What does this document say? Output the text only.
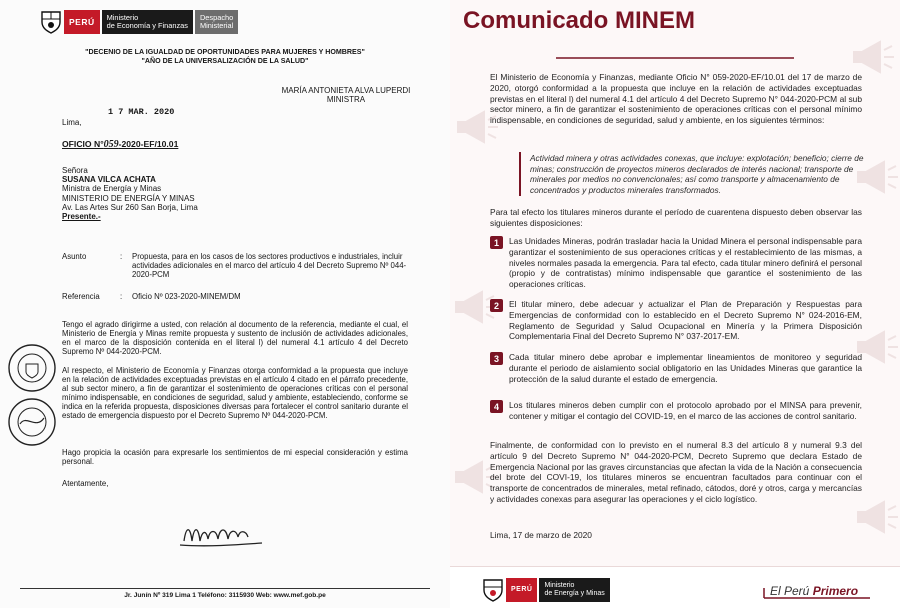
PERÚ	Ministerio
de Economía y Finanzas
Despacho
Ministerial
"DECENIO DE LA IGUALDAD DE OPORTUNIDADES PARA MUJERES Y HOMBRES"
"AÑO DE LA UNIVERSALIZACIÓN DE LA SALUD"
MARÍA ANTONIETA ALVA LUPERDI
MINISTRA
1 7 MAR. 2020
Lima,
OFICIO N°059-2020-EF/10.01
Señora
SUSANA VILCA ACHATA
Ministra de Energía y Minas
MINISTERIO DE ENERGÍA Y MINAS
Av. Las Artes Sur 260 San Borja, Lima
Presente.-
Asunto	:	Propuesta, para en los casos de los sectores productivos e industriales, incluir actividades adicionales en el marco del artículo 4 del Decreto Supremo Nº 044-2020-PCM
Referencia	:	Oficio Nº 023-2020-MINEM/DM
Tengo el agrado dirigirme a usted, con relación al documento de la referencia, mediante el cual, el Ministerio de Energía y Minas remite propuesta y sustento de inclusión de actividades adicionales, en el marco de la disposición contenida en el literal l) del numeral 4.1 artículo 4 del Decreto Supremo Nº 044-2020-PCM.
Al respecto, el Ministerio de Economía y Finanzas otorga conformidad a la propuesta que incluye en la relación de actividades exceptuadas previstas en el artículo 4 citado en el párrafo precedente, al sub sector minero, a fin de garantizar el sostenimiento de operaciones críticas con el personal mínimo indispensable, en condiciones de seguridad, salud y ambiente, estableciendo, conforme se indica en la referida propuesta, disposiciones diversas para fortalecer el control sanitario durante el estado de emergencia dispuesto por el Decreto Supremo Nº 044-2020-PCM.
Hago propicia la ocasión para expresarle los sentimientos de mi especial consideración y estima personal.
Atentamente,
Jr. Junín Nº 319 Lima 1 Teléfono: 3115930 Web: www.mef.gob.pe
Comunicado MINEM
El Ministerio de Economía y Finanzas, mediante Oficio N° 059-2020-EF/10.01 del 17 de marzo de 2020, otorgó conformidad a la propuesta que incluye en la relación de actividades exceptuadas previstas en el literal l) del numeral 4.1 del artículo 4 del Decreto Supremo N° 044-2020-PCM al sub sector minero, a fin de garantizar el sostenimiento de operaciones críticas con el personal mínimo indispensable, en condiciones de seguridad, salud y ambiente, en los siguientes términos:
Actividad minera y otras actividades conexas, que incluye: explotación; beneficio; cierre de minas; construcción de proyectos mineros declarados de interés nacional; transporte de minerales por medios no convencionales; así como transporte y almacenamiento de concentrados y productos minerales transformados.
Para tal efecto los titulares mineros durante el período de cuarentena dispuesto deben observar las siguientes disposiciones:
1 Las Unidades Mineras, podrán trasladar hacia la Unidad Minera el personal indispensable para garantizar el sostenimiento de sus operaciones críticas y el restablecimiento de las mismas, a niveles normales pasada la emergencia. Para tal efecto, cada titular minero definirá el personal (propio y de contratistas) mínimo indispensable que garantice el sostenimiento de las operaciones críticas.
2 El titular minero, debe adecuar y actualizar el Plan de Preparación y Respuestas para Emergencias de conformidad con lo establecido en el Decreto Supremo N° 024-2016-EM, Reglamento de Seguridad y Salud Ocupacional en Minería y la Primera Disposición Complementaria Final del Decreto Supremo N° 037-2017-EM.
3 Cada titular minero debe aprobar e implementar lineamientos de monitoreo y seguridad durante el periodo de aislamiento social obligatorio en las Unidades Mineras que garantice la protección de la salud durante el estado de emergencia.
4 Los titulares mineros deben cumplir con el protocolo aprobado por el MINSA para prevenir, contener y mitigar el contagio del COVID-19, en el marco de las acciones de control sanitario.
Finalmente, de conformidad con lo previsto en el numeral 8.3 del artículo 8 y numeral 9.3 del artículo 9 del Decreto Supremo N° 044-2020-PCM, Decreto Supremo que declara Estado de Emergencia Nacional por las graves circunstancias que afectan la vida de la Nación a consecuencia del brote del COVI-19, los titulares mineros se encuentran facultados para continuar con el transporte de concentrados de minerales, metal refinado, cátodos, doré y otros, carga y mercancías y actividades conexas para asegurar las operaciones y el ciclo logístico.
Lima, 17 de marzo de 2020
PERÚ
Ministerio
de Energía y Minas	El Perú Primero
